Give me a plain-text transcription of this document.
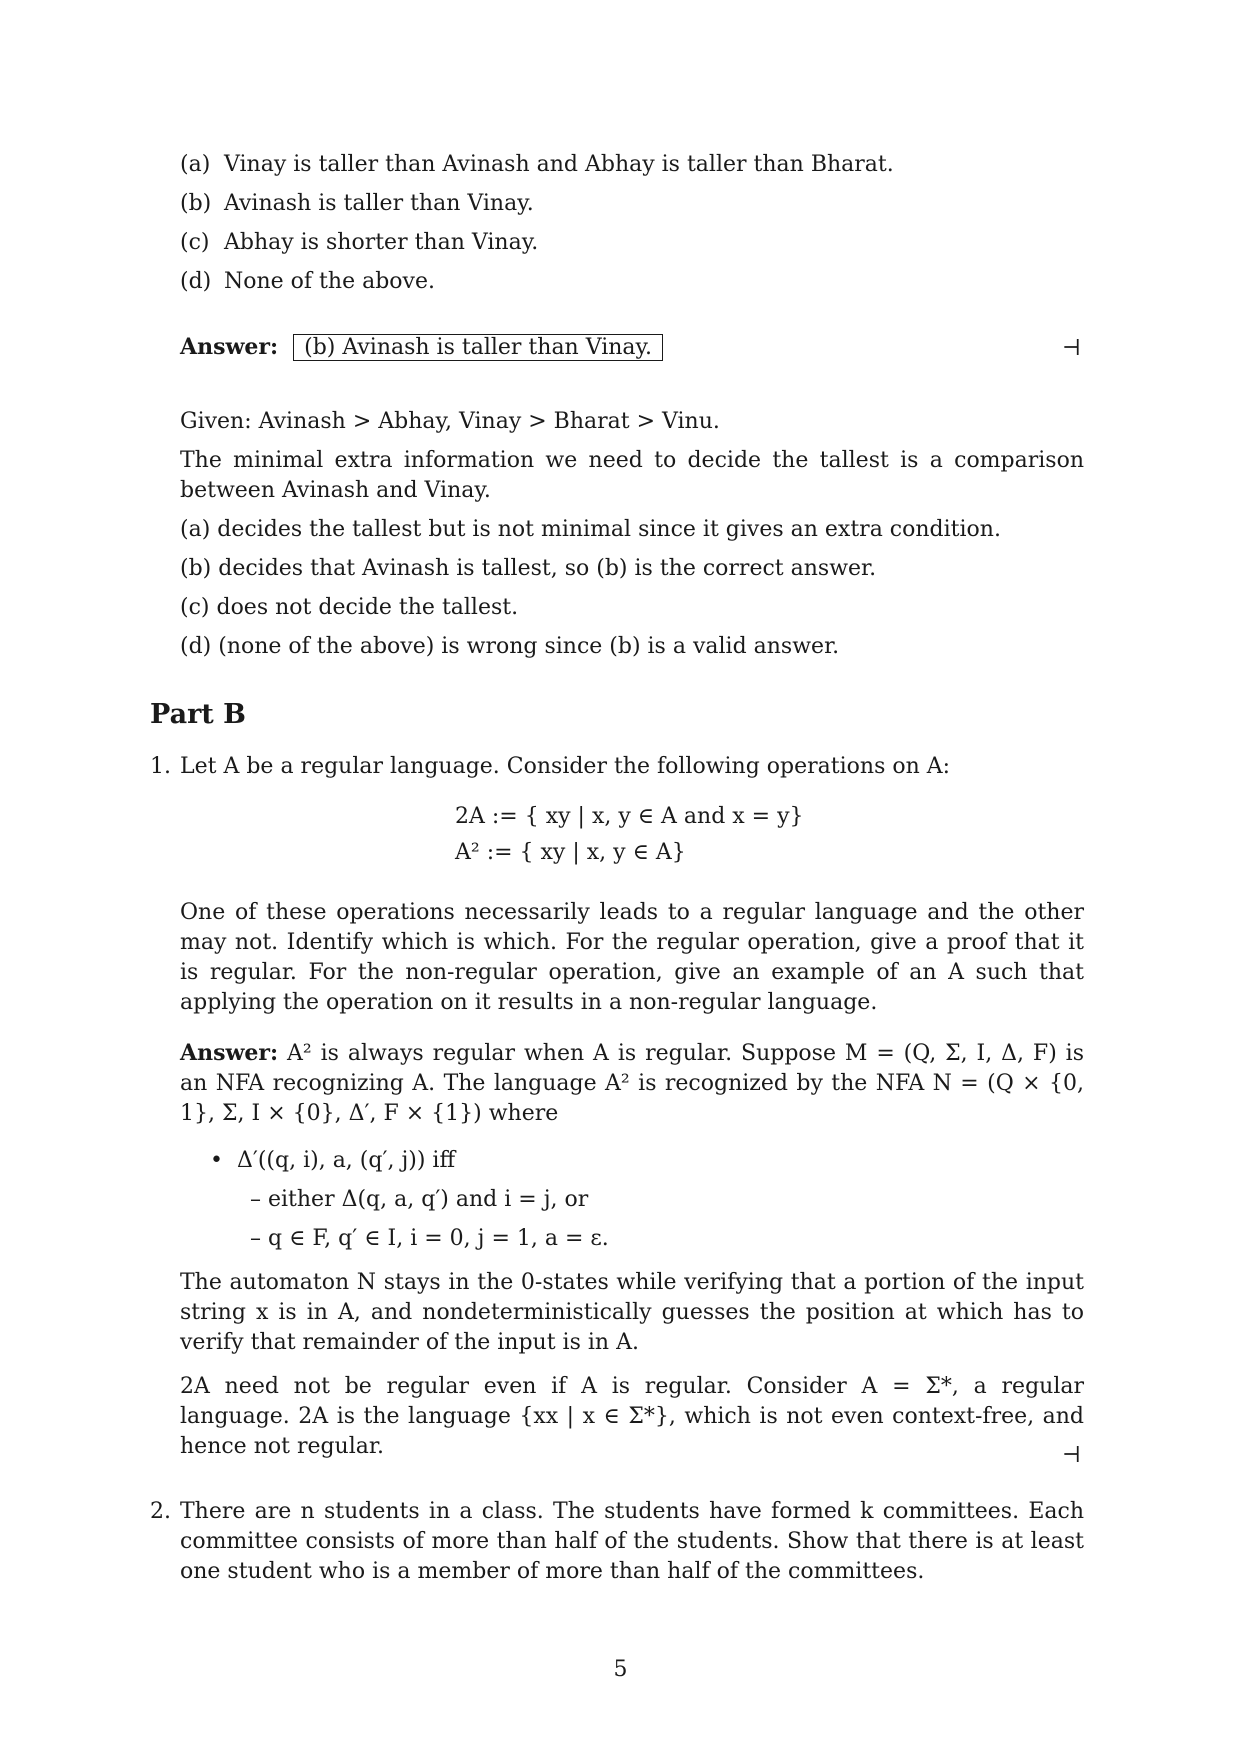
(a) Vinay is taller than Avinash and Abhay is taller than Bharat.
(b) Avinash is taller than Vinay.
(c) Abhay is shorter than Vinay.
(d) None of the above.
Answer: (b) Avinash is taller than Vinay.	⊣
Given: Avinash > Abhay, Vinay > Bharat > Vinu.
The minimal extra information we need to decide the tallest is a comparison between Avinash and Vinay.
(a) decides the tallest but is not minimal since it gives an extra condition.
(b) decides that Avinash is tallest, so (b) is the correct answer.
(c) does not decide the tallest.
(d) (none of the above) is wrong since (b) is a valid answer.
Part B
1. Let A be a regular language. Consider the following operations on A:
2A := { xy | x, y ∈ A and x = y}
A² := { xy | x, y ∈ A}
One of these operations necessarily leads to a regular language and the other may not. Identify which is which. For the regular operation, give a proof that it is regular. For the non-regular operation, give an example of an A such that applying the operation on it results in a non-regular language.
Answer: A² is always regular when A is regular. Suppose M = (Q, Σ, I, Δ, F) is an NFA recognizing A. The language A² is recognized by the NFA N = (Q × {0, 1}, Σ, I × {0}, Δ′, F × {1}) where
•  Δ′((q, i), a, (q′, j)) iff
– either Δ(q, a, q′) and i = j, or
– q ∈ F, q′ ∈ I, i = 0, j = 1, a = ε.
The automaton N stays in the 0-states while verifying that a portion of the input string x is in A, and nondeterministically guesses the position at which has to verify that remainder of the input is in A.
2A need not be regular even if A is regular. Consider A = Σ*, a regular language. 2A is the language {xx | x ∈ Σ*}, which is not even context-free, and hence not regular.	⊣
2. There are n students in a class. The students have formed k committees. Each committee consists of more than half of the students. Show that there is at least one student who is a member of more than half of the committees.
5
